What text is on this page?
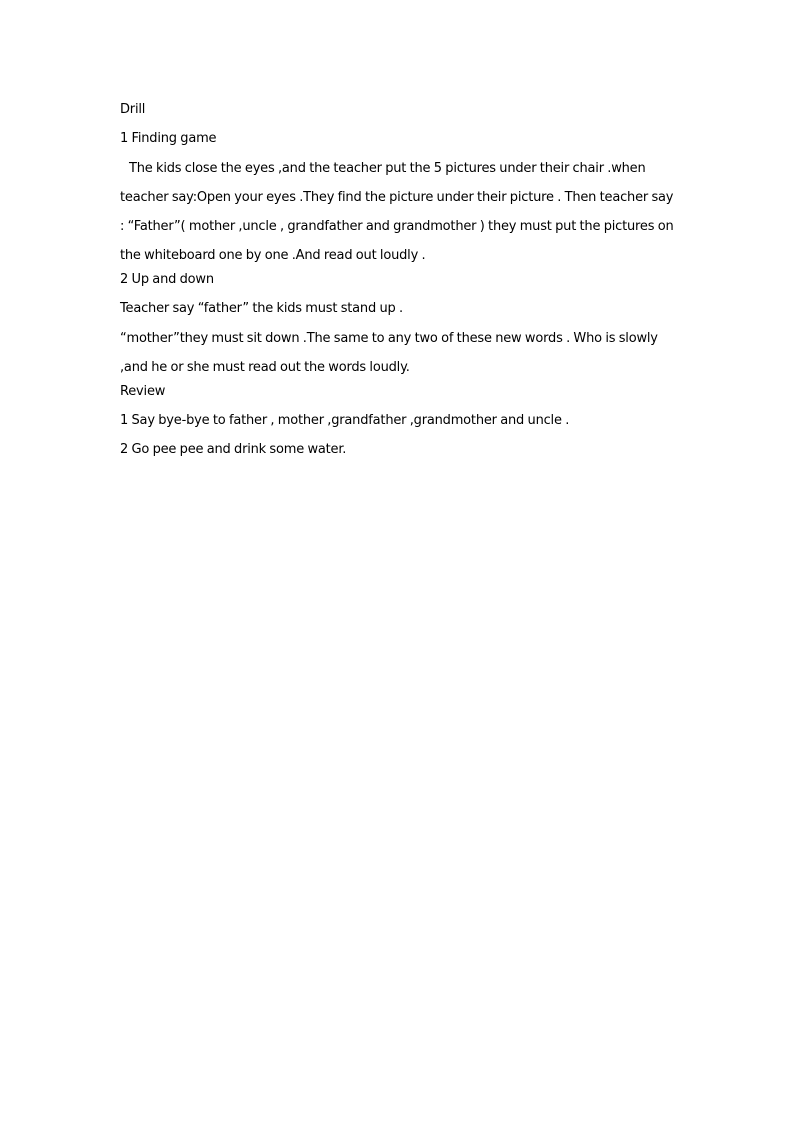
Drill
1 Finding game
The kids close the eyes ,and the teacher put the 5 pictures under their chair .when teacher say:Open your eyes .They find the picture under their picture . Then teacher say : “Father”( mother ,uncle , grandfather and grandmother ) they must put the pictures on the whiteboard one by one .And read out loudly .
2 Up and down
Teacher say “father” the kids must stand up .
“mother”they must sit down .The same to any two of these new words . Who is slowly ,and he or she must read out the words loudly.
Review
1 Say bye-bye to father , mother ,grandfather ,grandmother and uncle .
2 Go pee pee and drink some water.
